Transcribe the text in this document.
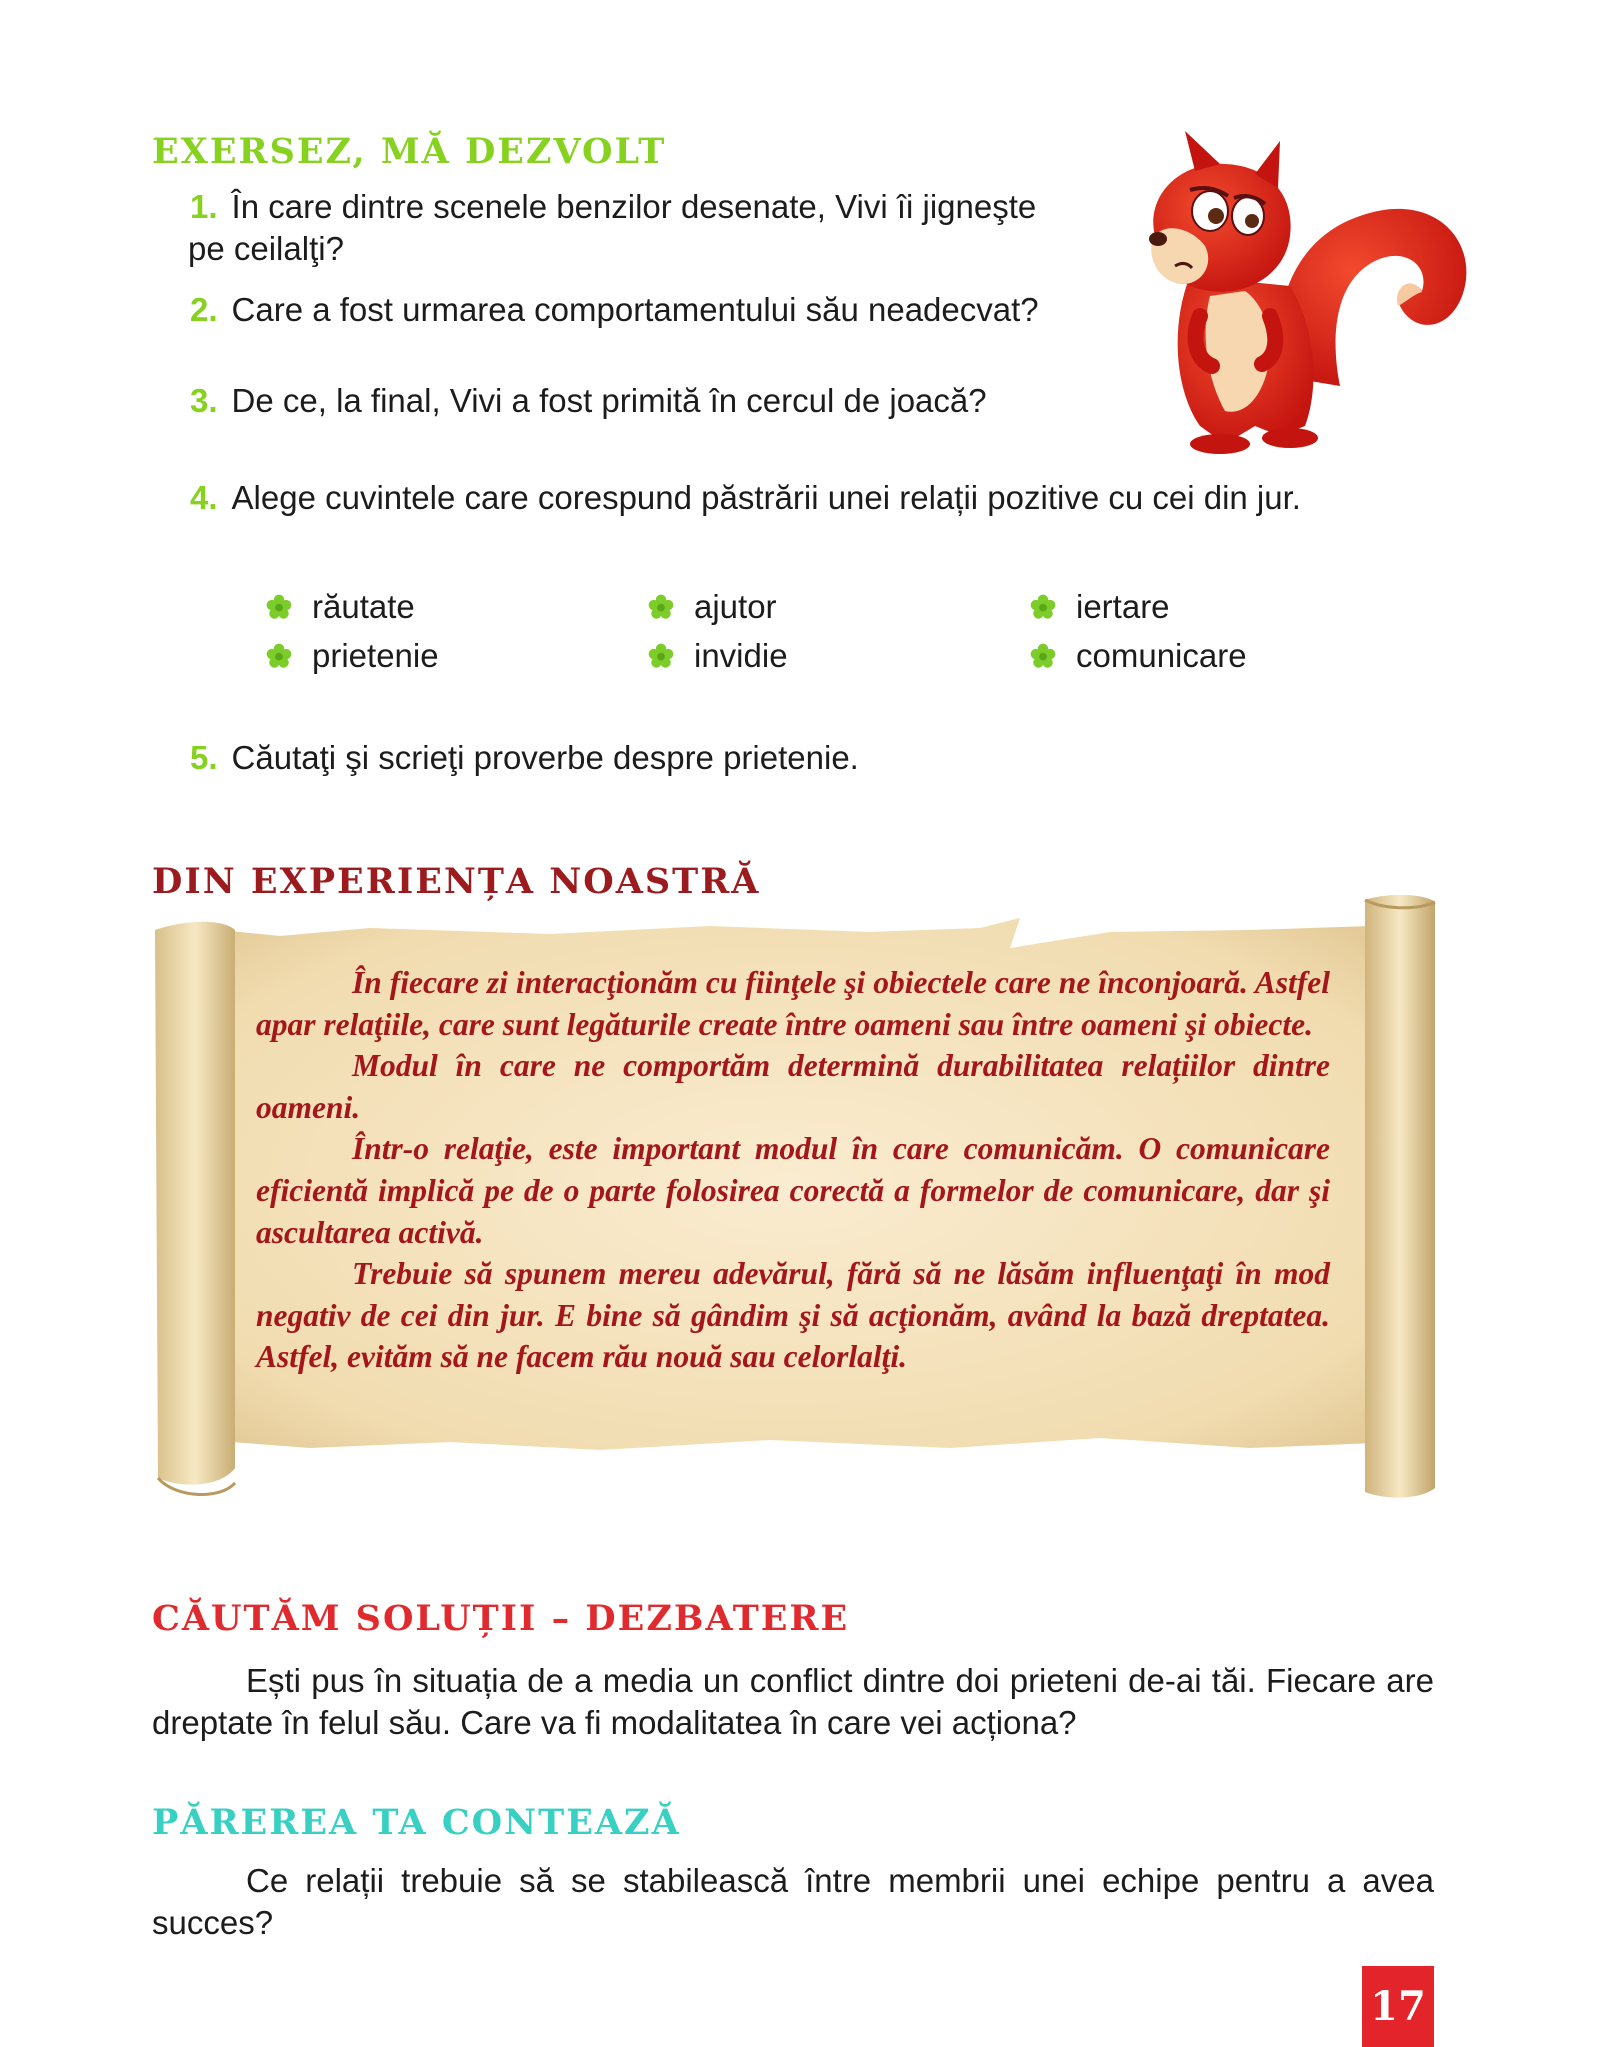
EXERSEZ, MĂ DEZVOLT
1. În care dintre scenele benzilor desenate, Vivi îi jigneşte
pe ceilalţi?
2. Care a fost urmarea comportamentului său neadecvat?
3. De ce, la final, Vivi a fost primită în cercul de joacă?
4. Alege cuvintele care corespund păstrării unei relații pozitive cu cei din jur.
răutate	ajutor	iertare
prietenie	invidie	comunicare
5. Căutaţi şi scrieţi proverbe despre prietenie.
DIN EXPERIENȚA NOASTRĂ

În fiecare zi interacţionăm cu fiinţele şi obiectele care ne înconjoară. Astfel apar relaţiile, care sunt legăturile create între oameni sau între oameni şi obiecte.

Modul în care ne comportăm determină durabilitatea relațiilor dintre oameni.

Într-o relaţie, este important modul în care comunicăm. O comunicare eficientă implică pe de o parte folosirea corectă a formelor de comunicare, dar şi ascultarea activă.

Trebuie să spunem mereu adevărul, fără să ne lăsăm influenţaţi în mod negativ de cei din jur. E bine să gândim şi să acţionăm, având la bază dreptatea. Astfel, evităm să ne facem rău nouă sau celorlalţi.

CĂUTĂM SOLUȚII – DEZBATERE

Ești pus în situația de a media un conflict dintre doi prieteni de-ai tăi. Fiecare are dreptate în felul său. Care va fi modalitatea în care vei acționa?

PĂREREA TA CONTEAZĂ

Ce relații trebuie să se stabilească între membrii unei echipe pentru a avea succes?

17
